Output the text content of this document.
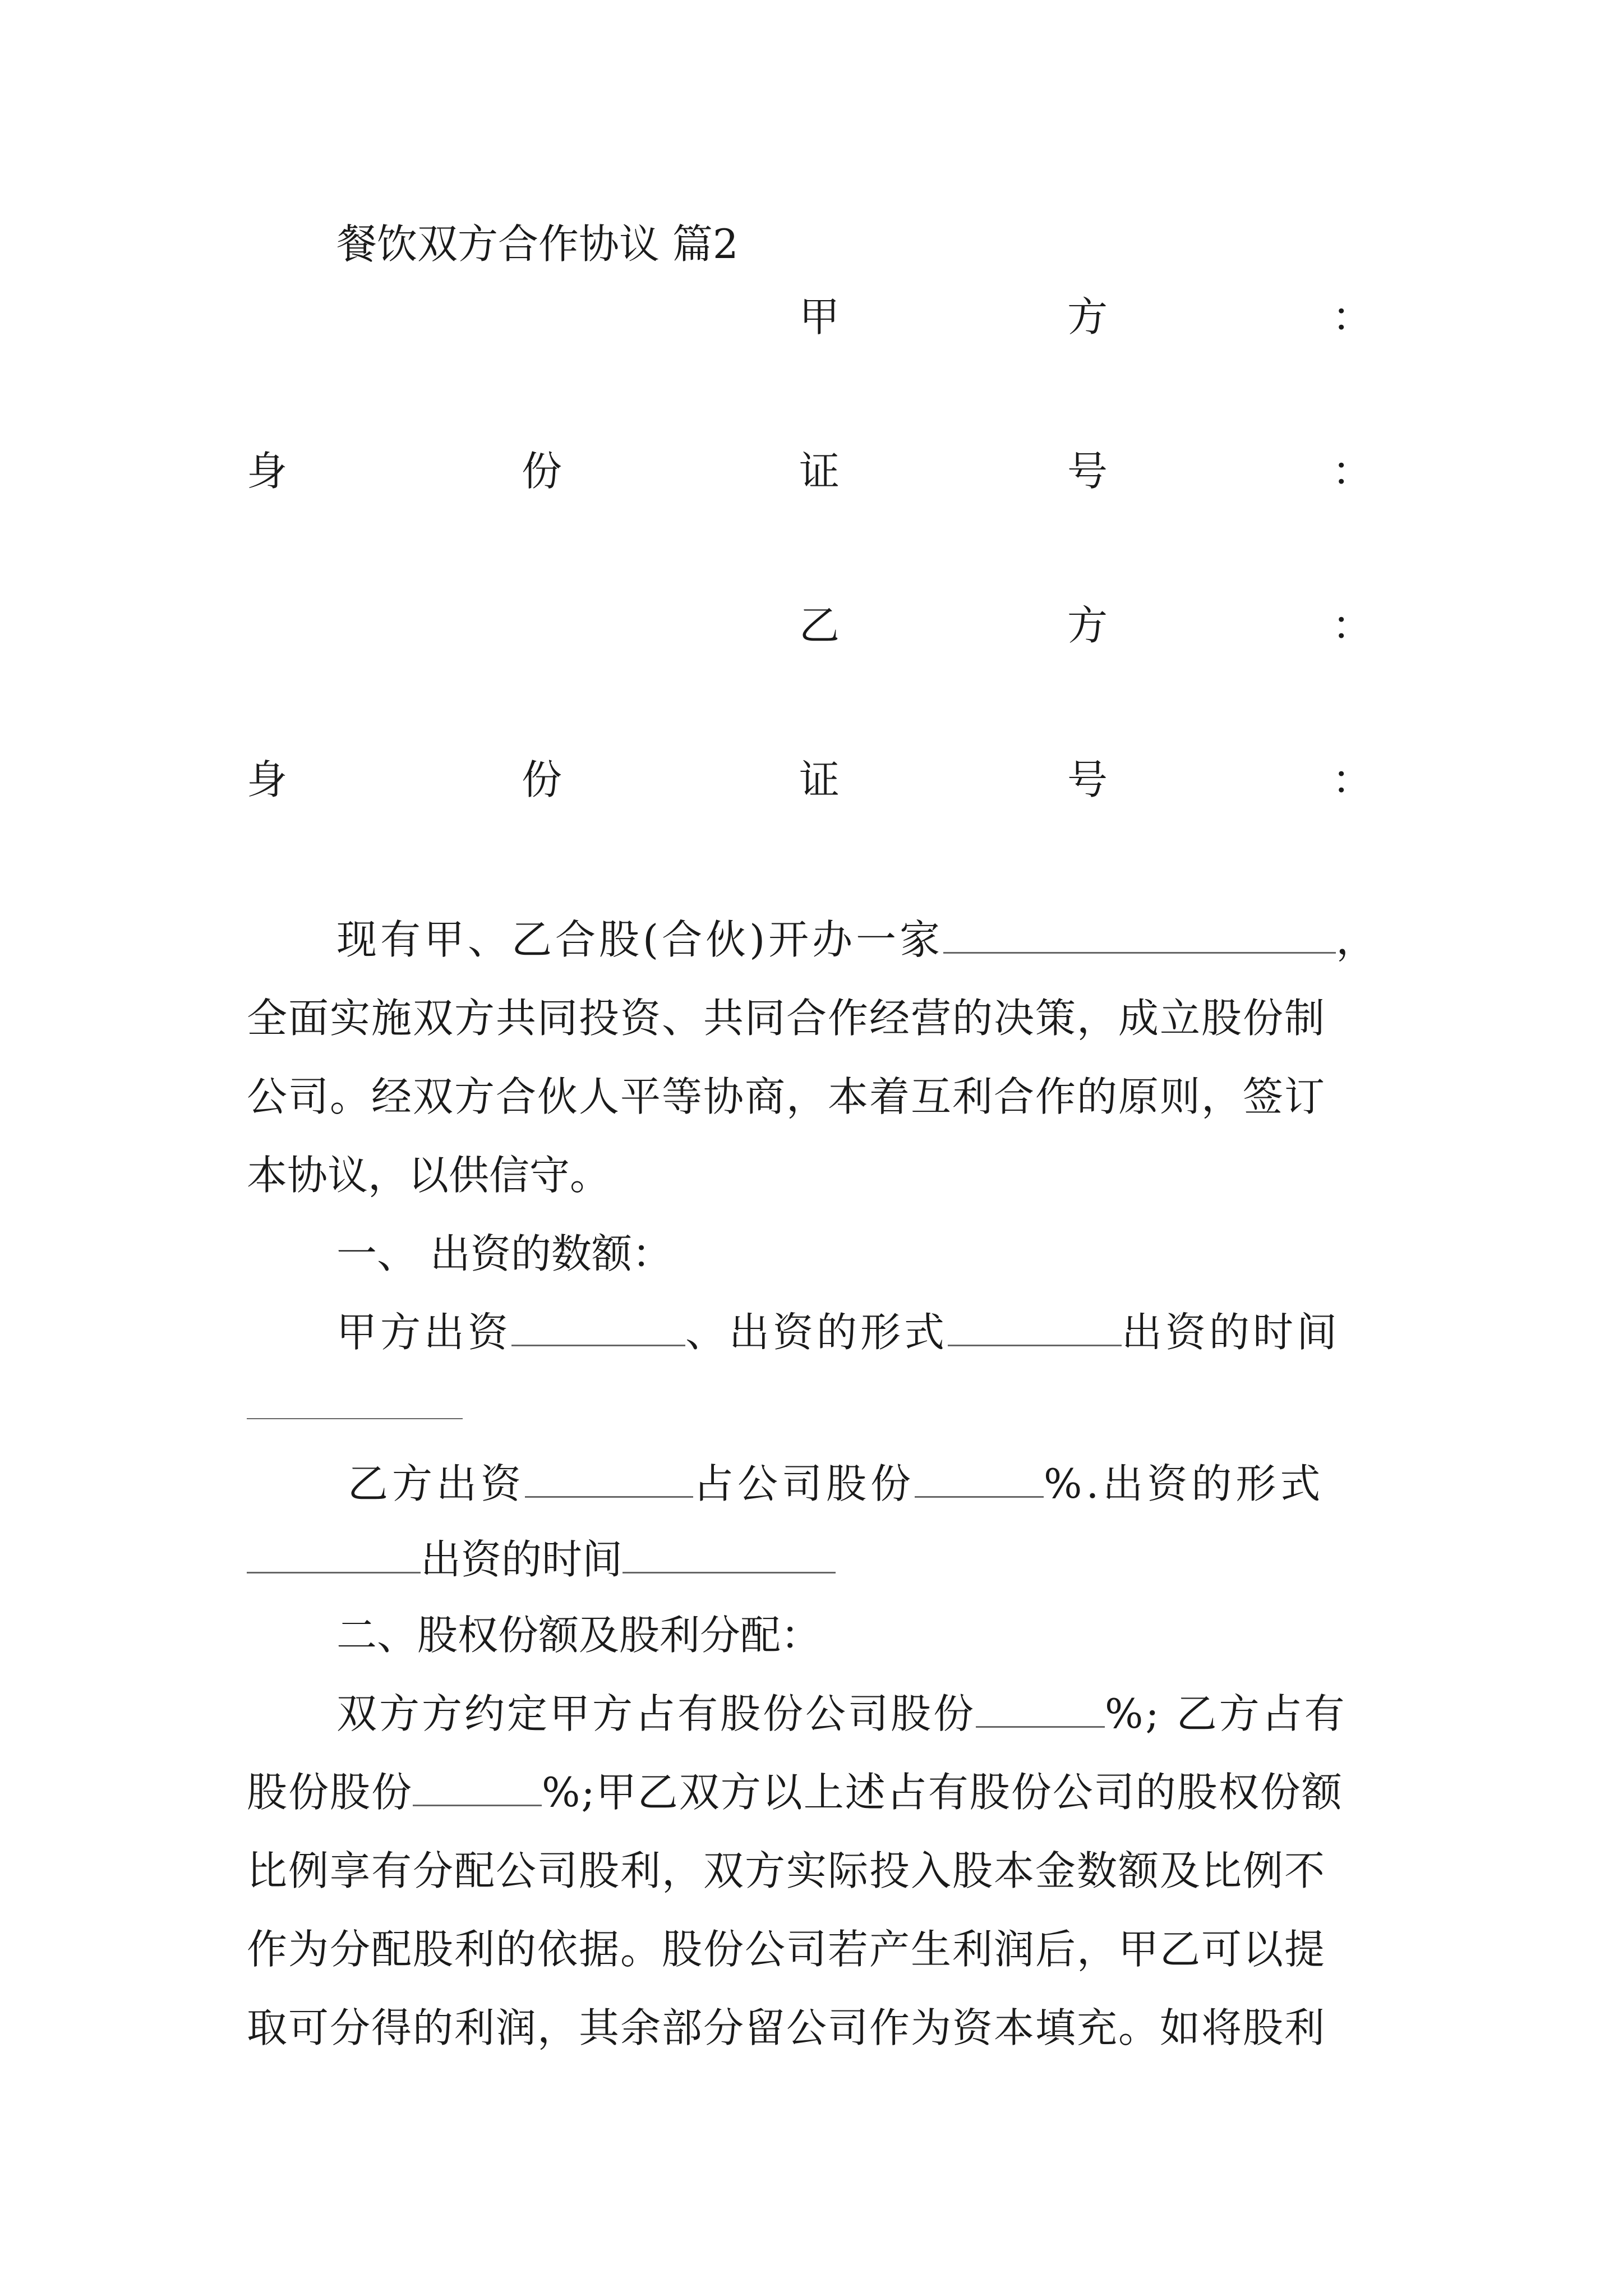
餐饮双方合作协议 篇2
甲	方	：
身	份	证	号	：
乙	方	：
身	份	证	号	：
现有甲、乙合股(合伙)开办一家	，
全面实施双方共同投资、共同合作经营的决策，成立股份制
公司。经双方合伙人平等协商，本着互利合作的原则，签订
本协议，以供信守。
一、 出资的数额：
甲方出资	、出资的形式	出资的时间
乙方出资	占公司股份	%.出资的形式
出资的时间
二、股权份额及股利分配：
双方方约定甲方占有股份公司股份	%; 乙方占有
股份股份	%;甲乙双方以上述占有股份公司的股权份额
比例享有分配公司股利，双方实际投入股本金数额及比例不
作为分配股利的依据。股份公司若产生利润后，甲乙可以提
取可分得的利润，其余部分留公司作为资本填充。如将股利
